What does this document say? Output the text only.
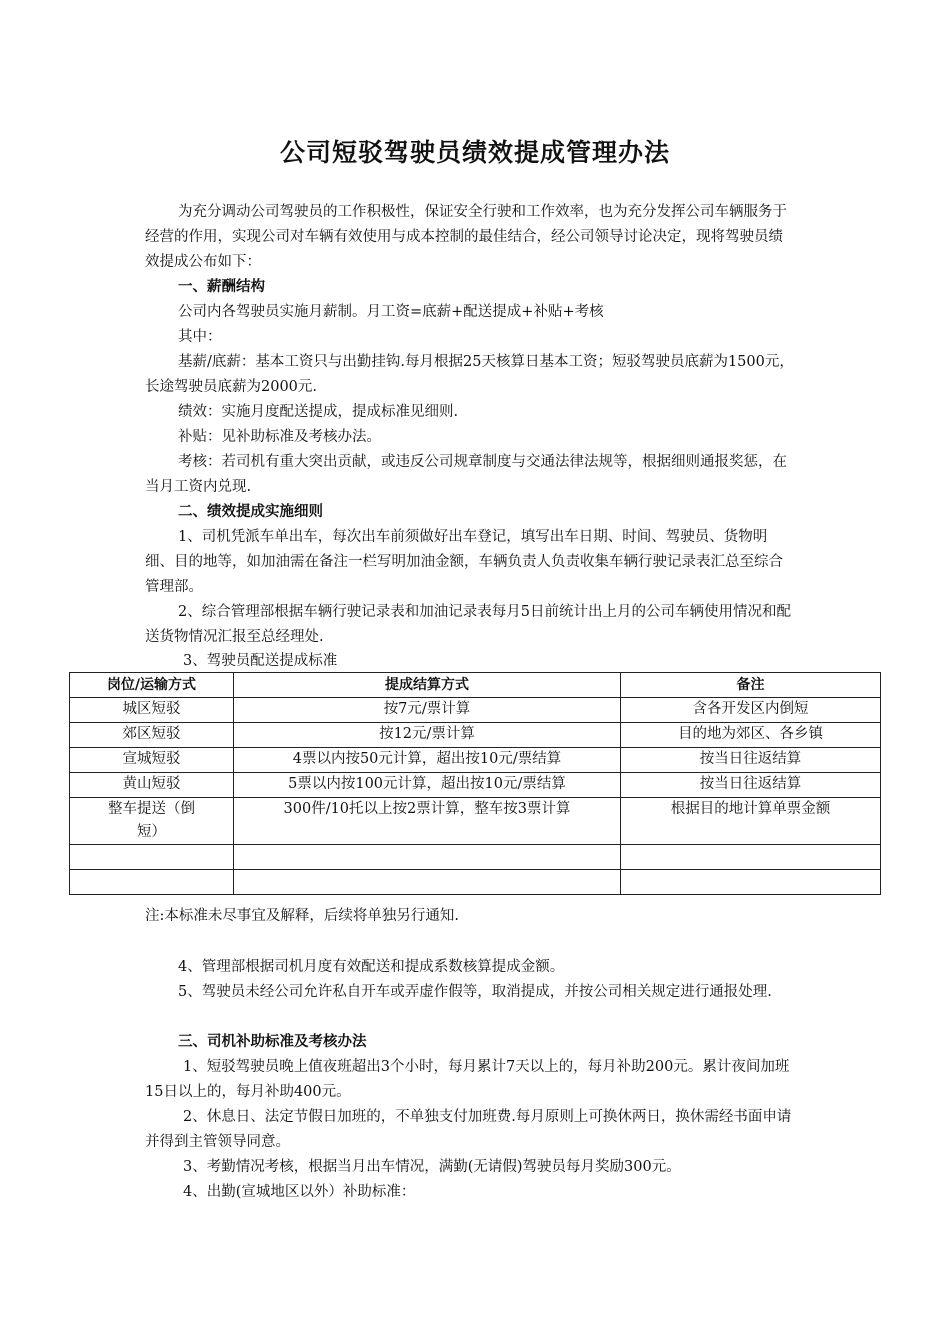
公司短驳驾驶员绩效提成管理办法

为充分调动公司驾驶员的工作积极性，保证安全行驶和工作效率，也为充分发挥公司车辆服务于经营的作用，实现公司对车辆有效使用与成本控制的最佳结合，经公司领导讨论决定，现将驾驶员绩效提成公布如下：

一、薪酬结构

公司内各驾驶员实施月薪制。月工资=底薪+配送提成+补贴+考核

其中：

基薪/底薪：基本工资只与出勤挂钩.每月根据25天核算日基本工资；短驳驾驶员底薪为1500元，长途驾驶员底薪为2000元.

绩效：实施月度配送提成，提成标准见细则.

补贴：见补助标准及考核办法。

考核：若司机有重大突出贡献，或违反公司规章制度与交通法律法规等，根据细则通报奖惩，在当月工资内兑现.

二、绩效提成实施细则

1、司机凭派车单出车，每次出车前须做好出车登记，填写出车日期、时间、驾驶员、货物明细、目的地等，如加油需在备注一栏写明加油金额，车辆负责人负责收集车辆行驶记录表汇总至综合管理部。

2、综合管理部根据车辆行驶记录表和加油记录表每月5日前统计出上月的公司车辆使用情况和配送货物情况汇报至总经理处.

3、驾驶员配送提成标准

岗位/运输方式	提成结算方式	备注
城区短驳	按7元/票计算	含各开发区内倒短
郊区短驳	按12元/票计算	目的地为郊区、各乡镇
宣城短驳	4票以内按50元计算，超出按10元/票结算	按当日往返结算
黄山短驳	5票以内按100元计算，超出按10元/票结算	按当日往返结算

整车提送（倒短）	300件/10托以上按2票计算，整车按3票计算	根据目的地计算单票金额

注:本标准未尽事宜及解释，后续将单独另行通知.

4、管理部根据司机月度有效配送和提成系数核算提成金额。

5、驾驶员未经公司允许私自开车或弄虚作假等，取消提成，并按公司相关规定进行通报处理.

三、司机补助标准及考核办法

1、短驳驾驶员晚上值夜班超出3个小时，每月累计7天以上的，每月补助200元。累计夜间加班15日以上的，每月补助400元。

2、休息日、法定节假日加班的，不单独支付加班费.每月原则上可换休两日，换休需经书面申请并得到主管领导同意。

3、考勤情况考核，根据当月出车情况，满勤(无请假)驾驶员每月奖励300元。

4、出勤(宣城地区以外）补助标准：
